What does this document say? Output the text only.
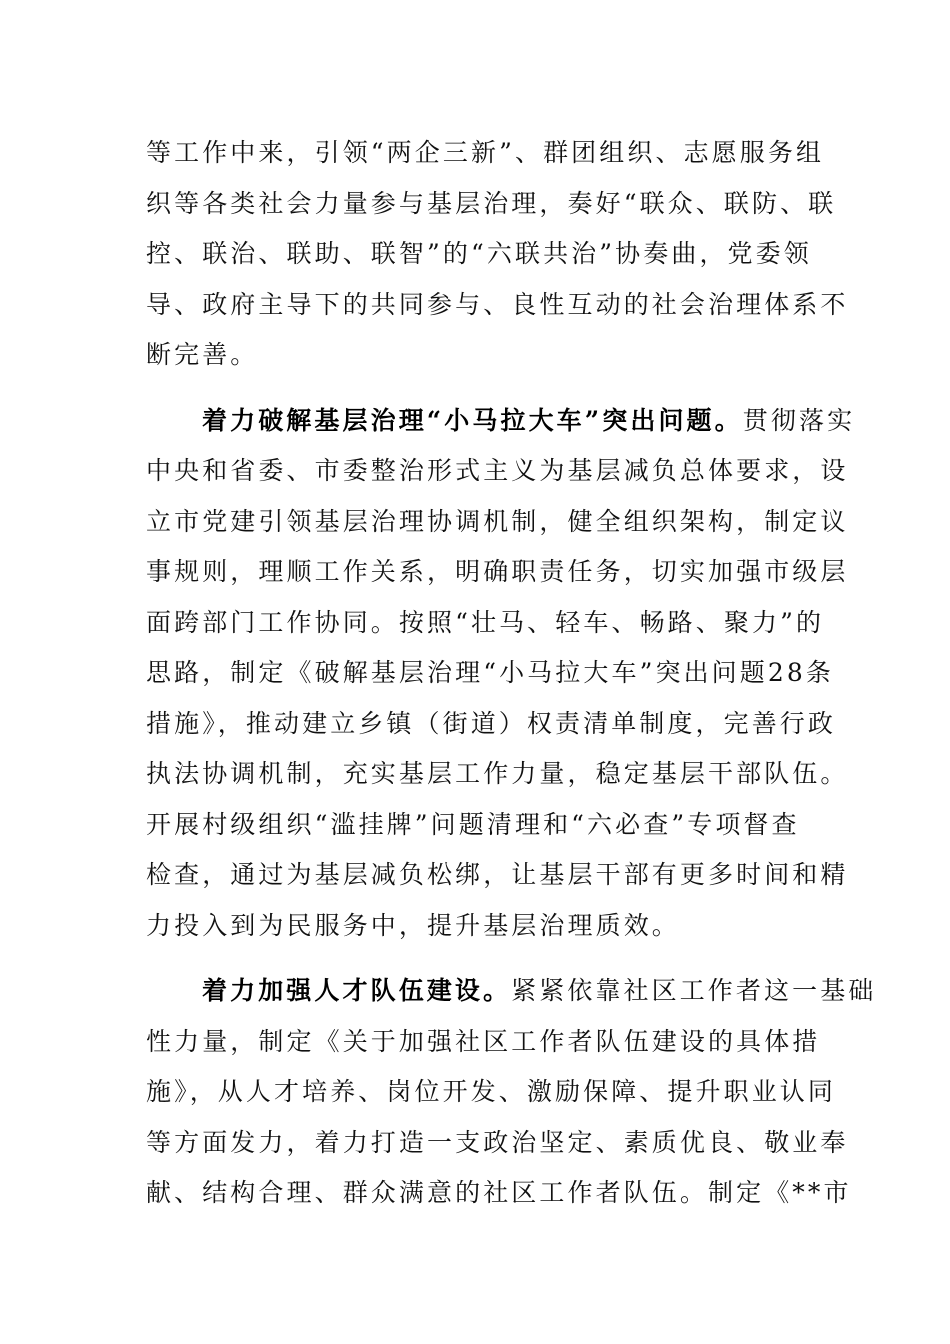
等工作中来，引领“两企三新”、群团组织、志愿服务组
织等各类社会力量参与基层治理，奏好“联众、联防、联
控、联治、联助、联智”的“六联共治”协奏曲，党委领
导、政府主导下的共同参与、良性互动的社会治理体系不
断完善。
着力破解基层治理“小马拉大车”突出问题。贯彻落实
中央和省委、市委整治形式主义为基层减负总体要求，设
立市党建引领基层治理协调机制，健全组织架构，制定议
事规则，理顺工作关系，明确职责任务，切实加强市级层
面跨部门工作协同。按照“壮马、轻车、畅路、聚力”的
思路，制定《破解基层治理“小马拉大车”突出问题28条
措施》，推动建立乡镇（街道）权责清单制度，完善行政
执法协调机制，充实基层工作力量，稳定基层干部队伍。
开展村级组织“滥挂牌”问题清理和“六必查”专项督查
检查，通过为基层减负松绑，让基层干部有更多时间和精
力投入到为民服务中，提升基层治理质效。
着力加强人才队伍建设。紧紧依靠社区工作者这一基础
性力量，制定《关于加强社区工作者队伍建设的具体措
施》，从人才培养、岗位开发、激励保障、提升职业认同
等方面发力，着力打造一支政治坚定、素质优良、敬业奉
献、结构合理、群众满意的社区工作者队伍。制定《**市
